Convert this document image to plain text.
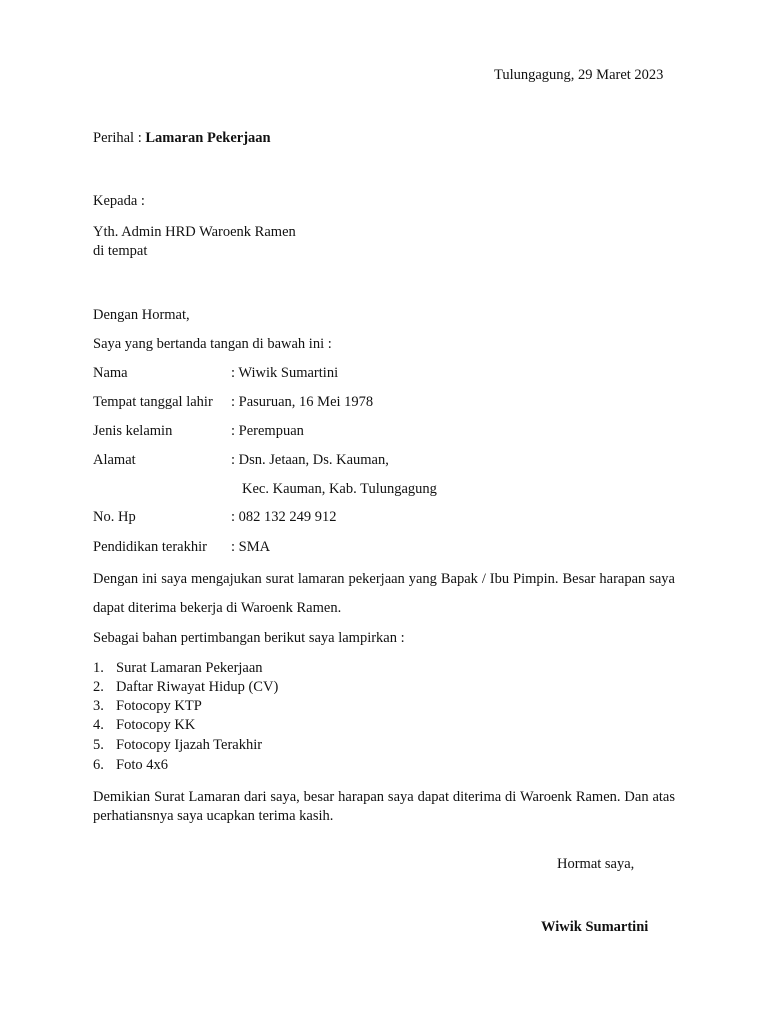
Tulungagung, 29 Maret 2023
Perihal : Lamaran Pekerjaan
Kepada :
Yth. Admin HRD Waroenk Ramen
di tempat
Dengan Hormat,
Saya yang bertanda tangan di bawah ini :
Nama	: Wiwik Sumartini
Tempat tanggal lahir : Pasuruan, 16 Mei 1978
Jenis kelamin	: Perempuan
Alamat	: Dsn. Jetaan, Ds. Kauman,
Kec. Kauman, Kab. Tulungagung
No. Hp	: 082 132 249 912
Pendidikan terakhir : SMA
Dengan ini saya mengajukan surat lamaran pekerjaan yang Bapak / Ibu Pimpin. Besar harapan saya dapat diterima bekerja di Waroenk Ramen.
Sebagai bahan pertimbangan berikut saya lampirkan :
1. Surat Lamaran Pekerjaan
2. Daftar Riwayat Hidup (CV)
3. Fotocopy KTP
4. Fotocopy KK
5. Fotocopy Ijazah Terakhir
6. Foto 4x6
Demikian Surat Lamaran dari saya, besar harapan saya dapat diterima di Waroenk Ramen. Dan atas perhatiansnya saya ucapkan terima kasih.
Hormat saya,
Wiwik Sumartini
